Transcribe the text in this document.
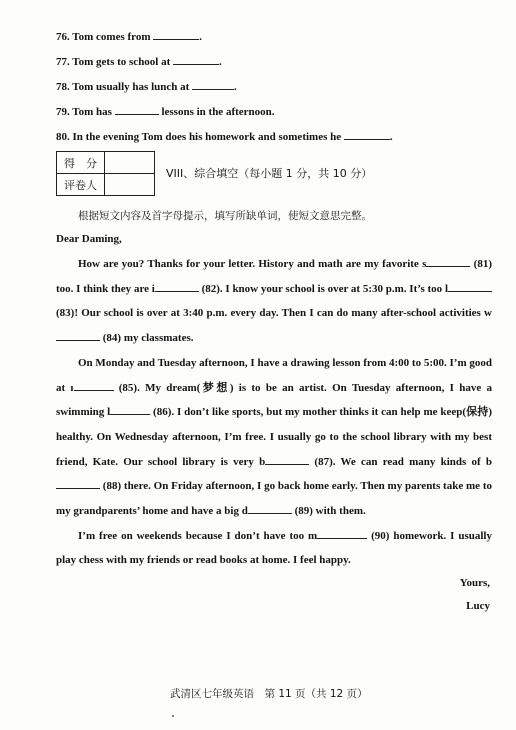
76. Tom comes from	.
77. Tom gets to school at	.
78. Tom usually has lunch at	.
79. Tom has	lessons in the afternoon.
80. In the evening Tom does his homework and sometimes he	.
得　分	
评卷人	
VIII、综合填空（每小题 1 分，共 10 分）
根据短文内容及首字母提示，填写所缺单词，使短文意思完整。
Dear Daming,

How are you? Thanks for your letter. History and math are my favorite s	(81) too. I think they are i	(82). I know your school is over at 5:30 p.m. It’s too l (83)! Our school is over at 3:40 p.m. every day. Then I can do many after-school activities w (84) my classmates.

On Monday and Tuesday afternoon, I have a drawing lesson from 4:00 to 5:00. I’m good at ı	(85). My dream(梦想) is to be an artist. On Tuesday afternoon, I have a swimming l	(86). I don’t like sports, but my mother thinks it can help me keep(保持) healthy. On Wednesday afternoon, I’m free. I usually go to the school library with my best friend, Kate. Our school library is very b	(87). We can read many kinds of b (88) there. On Friday afternoon, I go back home early. Then my parents take me to my grandparents’ home and have a big d	(89) with them.

I’m free on weekends because I don’t have too m	(90) homework. I usually play chess with my friends or read books at home. I feel happy.

Yours,
Lucy
武清区七年级英语　第 11 页（共 12 页）
